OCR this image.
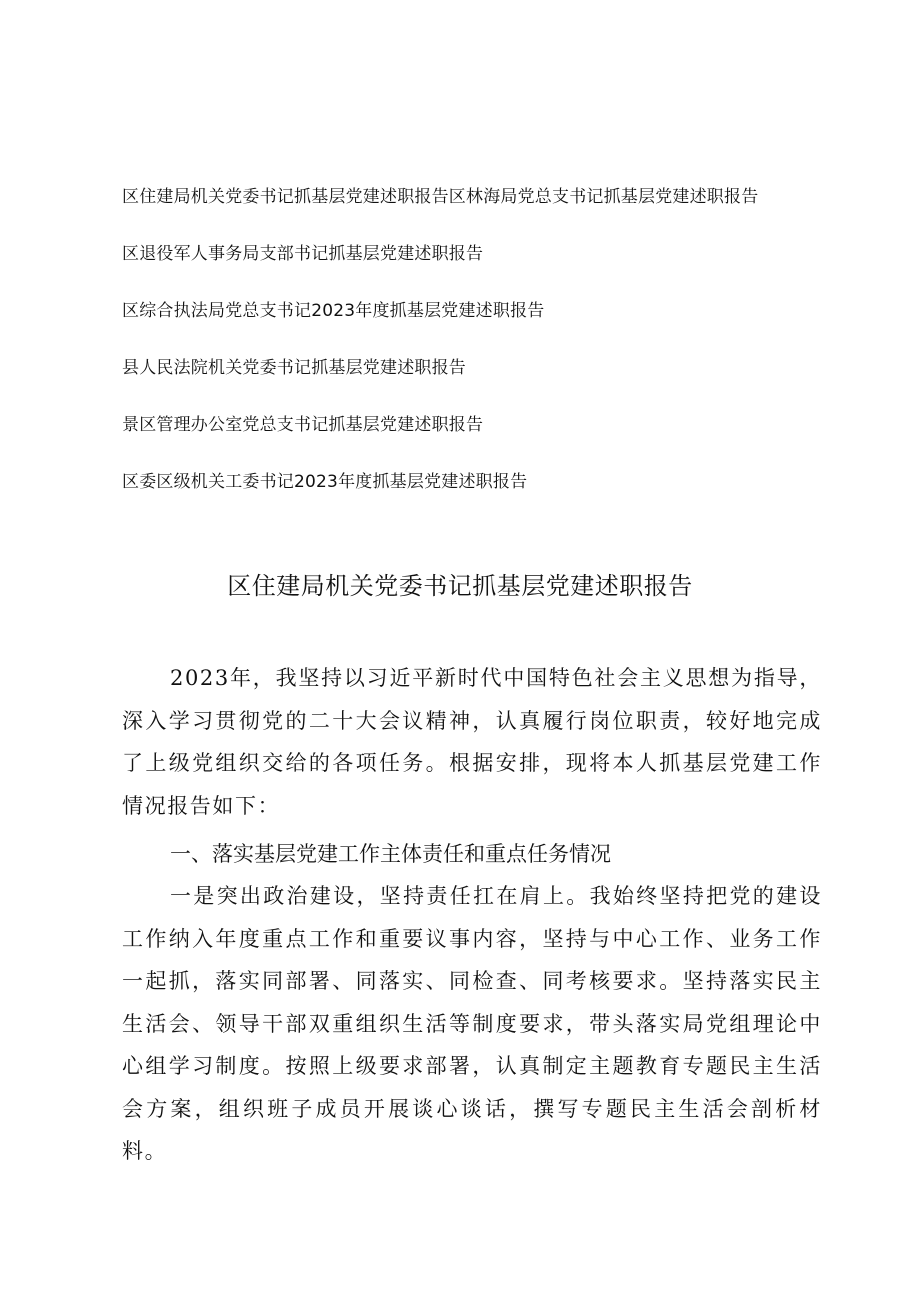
区住建局机关党委书记抓基层党建述职报告区林海局党总支书记抓基层党建述职报告
区退役军人事务局支部书记抓基层党建述职报告
区综合执法局党总支书记2023年度抓基层党建述职报告
县人民法院机关党委书记抓基层党建述职报告
景区管理办公室党总支书记抓基层党建述职报告
区委区级机关工委书记2023年度抓基层党建述职报告
区住建局机关党委书记抓基层党建述职报告

2023年，我坚持以习近平新时代中国特色社会主义思想为指导，深入学习贯彻党的二十大会议精神，认真履行岗位职责，较好地完成了上级党组织交给的各项任务。根据安排，现将本人抓基层党建工作情况报告如下：

一、落实基层党建工作主体责任和重点任务情况

一是突出政治建设，坚持责任扛在肩上。我始终坚持把党的建设工作纳入年度重点工作和重要议事内容，坚持与中心工作、业务工作一起抓，落实同部署、同落实、同检查、同考核要求。坚持落实民主生活会、领导干部双重组织生活等制度要求，带头落实局党组理论中心组学习制度。按照上级要求部署，认真制定主题教育专题民主生活会方案，组织班子成员开展谈心谈话，撰写专题民主生活会剖析材料。
